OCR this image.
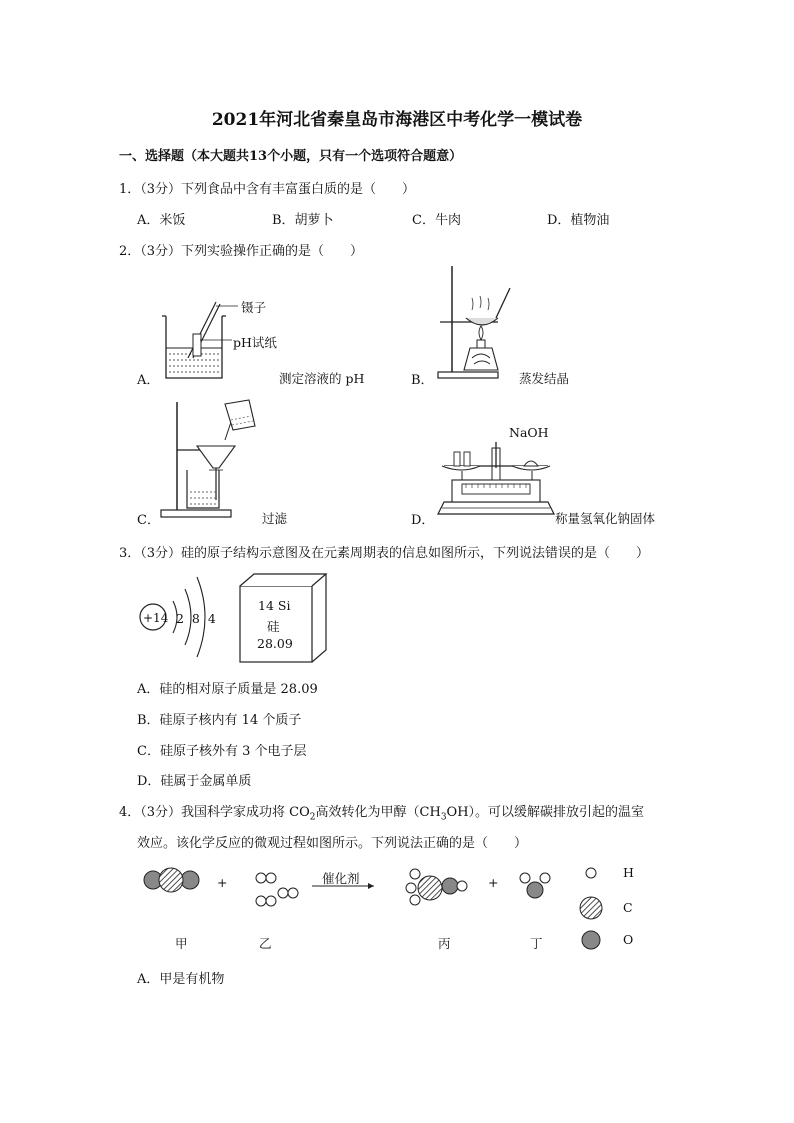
2021年河北省秦皇岛市海港区中考化学一模试卷
一、选择题（本大题共13个小题，只有一个选项符合题意）
1．（3分）下列食品中含有丰富蛋白质的是（　　）
A．米饭	B．胡萝卜	C．牛肉	D．植物油
2．（3分）下列实验操作正确的是（　　）
A．
镊子
pH试纸
测定溶液的 pH	B．	蒸发结晶
C．	过滤	D．
NaOH
称量氢氧化钠固体
3．（3分）硅的原子结构示意图及在元素周期表的信息如图所示，下列说法错误的是（　　）
+14 2 8 4
14 Si
硅
28.09
A．硅的相对原子质量是 28.09
B．硅原子核内有 14 个质子
C．硅原子核外有 3 个电子层
D．硅属于金属单质
4．（3分）我国科学家成功将 $CO_2$高效转化为甲醇$(CH_3OH)$。可以缓解碳排放引起的温室
效应。该化学反应的微观过程如图所示。下列说法正确的是（　　）
+	催化剂	+
H
C
O
甲	乙	丙	丁
A．甲是有机物
